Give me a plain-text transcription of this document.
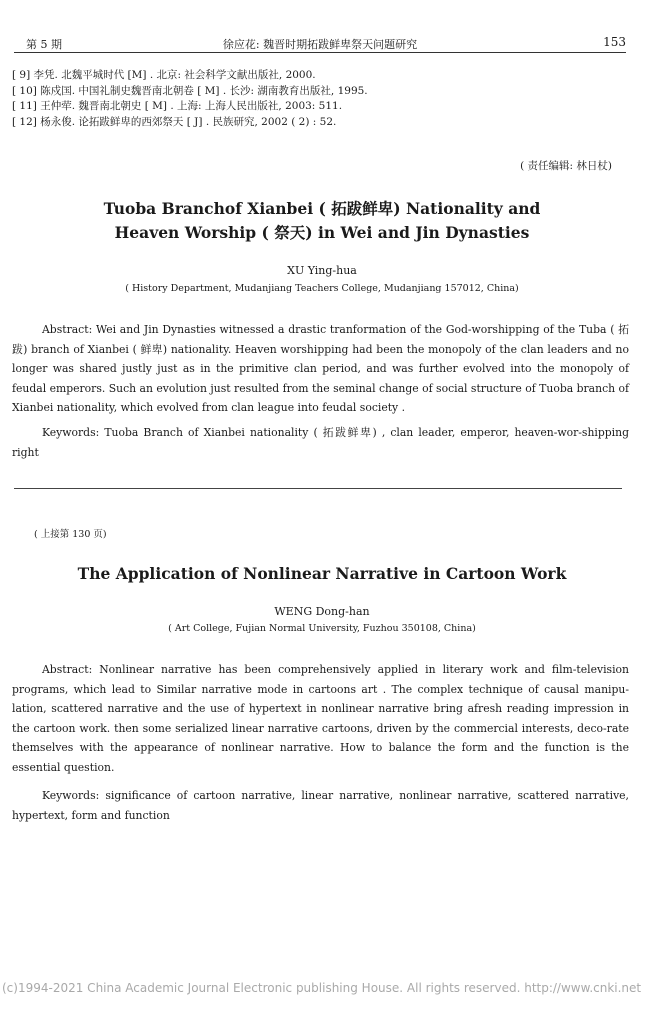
第 5 期	徐应花: 魏晋时期拓跋鲜卑祭天问题研究	153
[ 9] 李凭. 北魏平城时代 [M] . 北京: 社会科学文献出版社, 2000.
[ 10] 陈戍国. 中国礼制史魏晋南北朝卷 [ M] . 长沙: 湖南教育出版社, 1995.
[ 11] 王仲荦. 魏晋南北朝史 [ M] . 上海: 上海人民出版社, 2003: 511.
[ 12] 杨永俊. 论拓跋鲜卑的西郊祭天 [ J] . 民族研究, 2002 ( 2) : 52.
( 责任编辑: 林日杖)
Tuoba Branchof Xianbei ( 拓跋鲜卑) Nationality and
Heaven Worship ( 祭天) in Wei and Jin Dynasties
XU Ying-hua
( History Department, Mudanjiang Teachers College, Mudanjiang 157012, China)
Abstract: Wei and Jin Dynasties witnessed a drastic tranformation of the God-worshipping of the Tuba ( 拓跋) branch of Xianbei ( 鲜卑) nationality. Heaven worshipping had been the monopoly of the clan leaders and no longer was shared justly just as in the primitive clan period, and was further evolved into the monopoly of feudal emperors. Such an evolution just resulted from the seminal change of social structure of Tuoba branch of Xianbei nationality, which evolved from clan league into feudal society .
Keywords: Tuoba Branch of Xianbei nationality ( 拓跋鲜卑) , clan leader, emperor, heaven-wor-shipping right
( 上接第 130 页)
The Application of Nonlinear Narrative in Cartoon Work
WENG Dong-han
( Art College, Fujian Normal University, Fuzhou 350108, China)
Abstract: Nonlinear narrative has been comprehensively applied in literary work and film-television programs, which lead to Similar narrative mode in cartoons art . The complex technique of causal manipu-lation, scattered narrative and the use of hypertext in nonlinear narrative bring afresh reading impression in the cartoon work. then some serialized linear narrative cartoons, driven by the commercial interests, deco-rate themselves with the appearance of nonlinear narrative. How to balance the form and the function is the essential question.
Keywords: significance of cartoon narrative, linear narrative, nonlinear narrative, scattered narrative, hypertext, form and function
(c)1994-2021 China Academic Journal Electronic publishing House. All rights reserved. http://www.cnki.net
